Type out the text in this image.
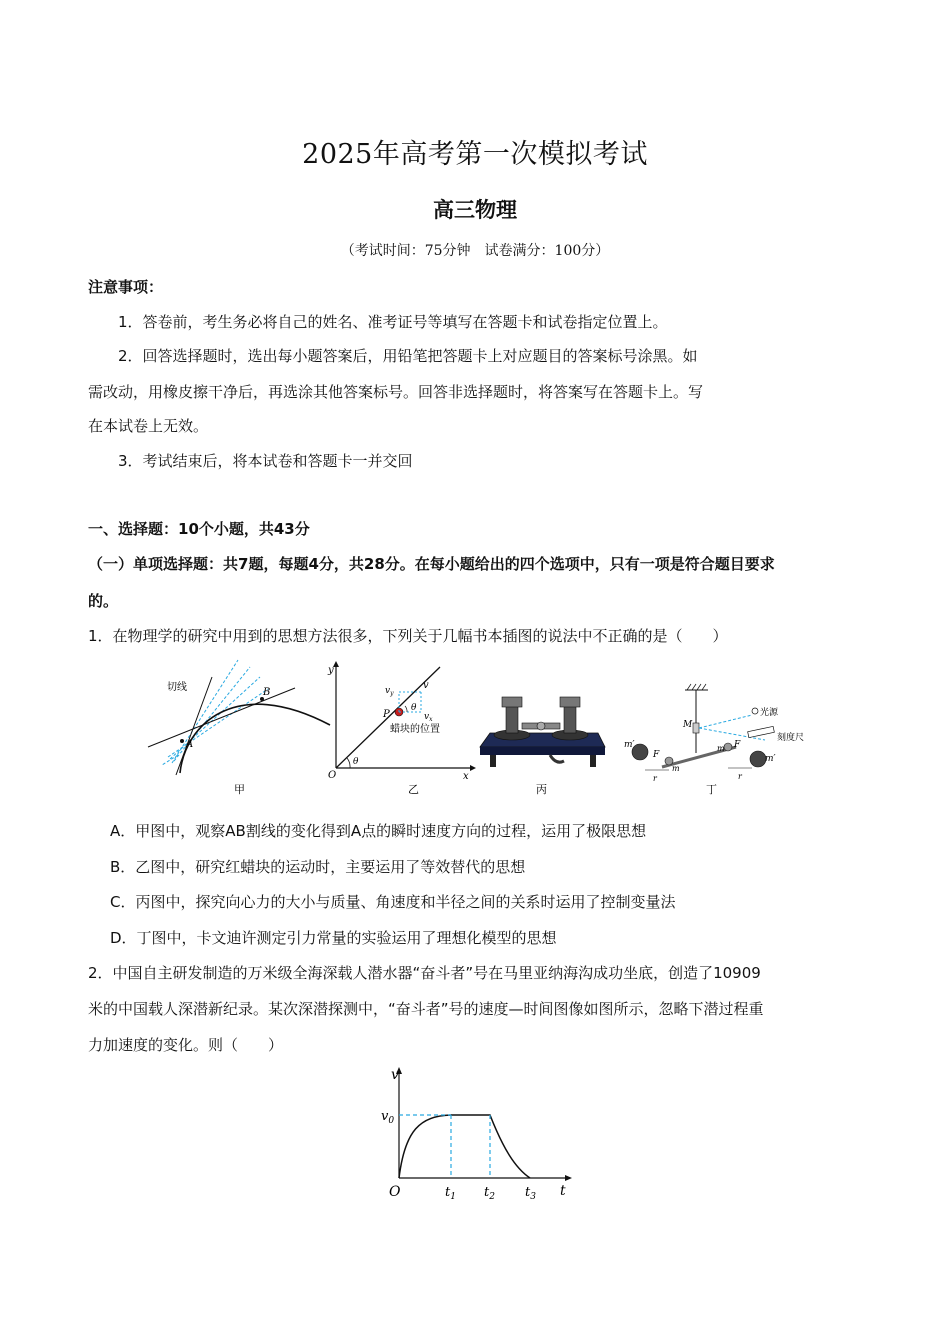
2025年高考第一次模拟考试
高三物理
（考试时间：75分钟　试卷满分：100分）
注意事项：
1．答卷前，考生务必将自己的姓名、准考证号等填写在答题卡和试卷指定位置上。
2．回答选择题时，选出每小题答案后，用铅笔把答题卡上对应题目的答案标号涂黑。如
需改动，用橡皮擦干净后，再选涂其他答案标号。回答非选择题时，将答案写在答题卡上。写
在本试卷上无效。
3．考试结束后，将本试卷和答题卡一并交回
一、选择题：10个小题，共43分
（一）单项选择题：共7题，每题4分，共28分。在每小题给出的四个选项中，只有一项是符合题目要求
的。
1．在物理学的研究中用到的思想方法很多，下列关于几幅书本插图的说法中不正确的是（　　）
切线
A
B
甲
y
x
O
θ
θ
P
v
$v_y$
$v_x$
蜡块的位置
乙	丙
光源
刻度尺
M
m′
m′
m
m
F
F
r	r
丁
A．甲图中，观察AB割线的变化得到A点的瞬时速度方向的过程，运用了极限思想
B．乙图中，研究红蜡块的运动时，主要运用了等效替代的思想
C．丙图中，探究向心力的大小与质量、角速度和半径之间的关系时运用了控制变量法
D．丁图中，卡文迪许测定引力常量的实验运用了理想化模型的思想
2．中国自主研发制造的万米级全海深载人潜水器“奋斗者”号在马里亚纳海沟成功坐底，创造了10909
米的中国载人深潜新纪录。某次深潜探测中，“奋斗者”号的速度—时间图像如图所示，忽略下潜过程重
力加速度的变化。则（　　）
v
t
O
$v_0$
$t_1$ $t_2$ $t_3$
